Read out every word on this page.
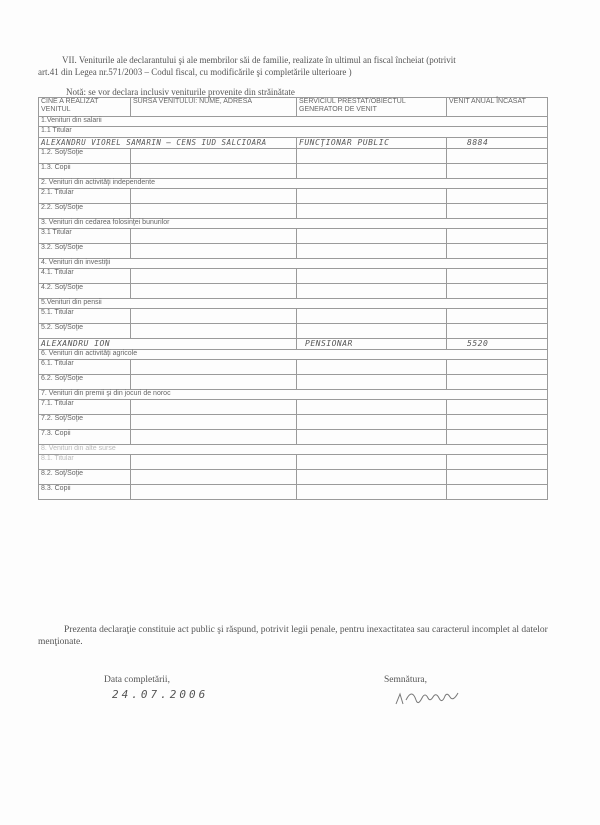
VII. Veniturile ale declarantului şi ale membrilor săi de familie, realizate în ultimul an fiscal încheiat (potrivit
art.41 din Legea nr.571/2003 – Codul fiscal, cu modificările şi completările ulterioare )
Notă: se vor declara inclusiv veniturile provenite din străinătate
CINE A REALIZAT VENITUL	SURSA VENITULUI: NUME, ADRESA	SERVICIUL PRESTAT/OBIECTUL GENERATOR DE VENIT	VENIT ANUAL ÎNCASAT
1.Venituri din salarii			
1.1 Titular			
ALEXANDRU VIOREL SAMARIN – CENS IUD SALCIOARA		FUNCŢIONAR PUBLIC	8884
1.2. Soţ/Soţie			
1.3. Copii			
2. Venituri din activităţi independente			
2.1. Titular			
2.2. Soţ/Soţie			
3. Venituri din cedarea folosinţei bunurilor			
3.1 Titular			
3.2. Soţ/Soţie			
4. Venituri din investiţii			
4.1. Titular			
4.2. Soţ/Soţie			
5.Venituri din pensii			
5.1. Titular			
5.2. Soţ/Soţie			
ALEXANDRU ION		PENSIONAR	5520
6. Venituri din activităţi agricole			
6.1. Titular			
6.2. Soţ/Soţie			
7. Venituri din premii şi din jocuri de noroc			
7.1. Titular			
7.2. Soţ/Soţie			
7.3. Copii			
8. Venituri din alte surse			
8.1. Titular			
8.2. Soţ/Soţie			
8.3. Copii			
Prezenta declaraţie constituie act public şi răspund, potrivit legii penale, pentru inexactitatea sau caracterul incomplet al datelor menţionate.
Data completării,
24.07.2006
Semnătura,
